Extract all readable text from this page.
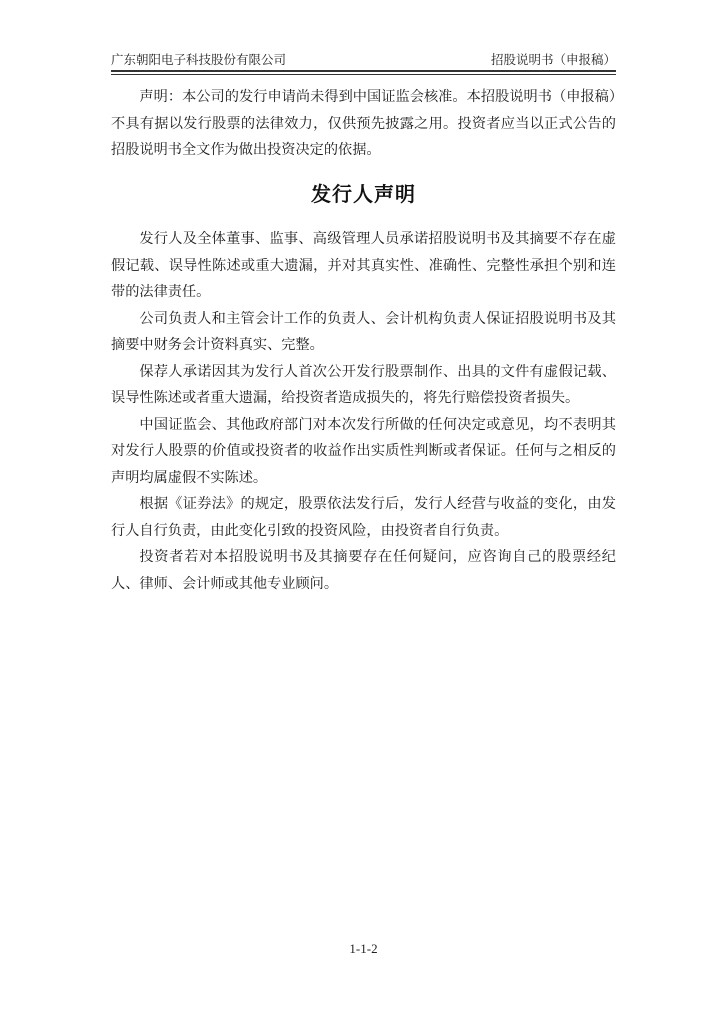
广东朝阳电子科技股份有限公司	招股说明书（申报稿）
声明：本公司的发行申请尚未得到中国证监会核准。本招股说明书（申报稿）不具有据以发行股票的法律效力，仅供预先披露之用。投资者应当以正式公告的招股说明书全文作为做出投资决定的依据。
发行人声明

发行人及全体董事、监事、高级管理人员承诺招股说明书及其摘要不存在虚假记载、误导性陈述或重大遗漏，并对其真实性、准确性、完整性承担个别和连带的法律责任。

公司负责人和主管会计工作的负责人、会计机构负责人保证招股说明书及其摘要中财务会计资料真实、完整。

保荐人承诺因其为发行人首次公开发行股票制作、出具的文件有虚假记载、误导性陈述或者重大遗漏，给投资者造成损失的，将先行赔偿投资者损失。

中国证监会、其他政府部门对本次发行所做的任何决定或意见，均不表明其对发行人股票的价值或投资者的收益作出实质性判断或者保证。任何与之相反的声明均属虚假不实陈述。

根据《证券法》的规定，股票依法发行后，发行人经营与收益的变化，由发行人自行负责，由此变化引致的投资风险，由投资者自行负责。

投资者若对本招股说明书及其摘要存在任何疑问，应咨询自己的股票经纪人、律师、会计师或其他专业顾问。

1-1-2
